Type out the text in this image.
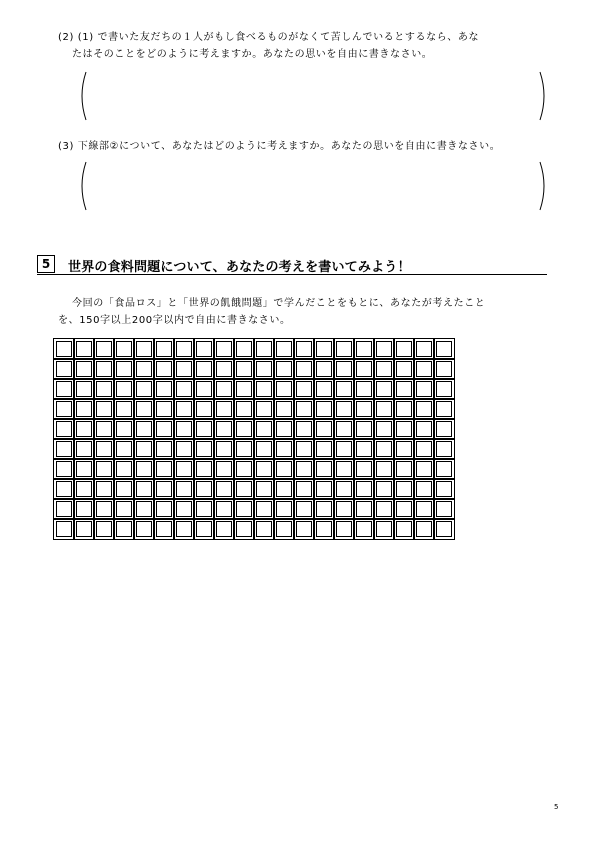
(2) (1) で書いた友だちの１人がもし食べるものがなくて苦しんでいるとするなら、あな
たはそのことをどのように考えますか。あなたの思いを自由に書きなさい。
(3) 下線部②について、あなたはどのように考えますか。あなたの思いを自由に書きなさい。
5	世界の食料問題について、あなたの考えを書いてみよう！
今回の「食品ロス」と「世界の飢餓問題」で学んだことをもとに、あなたが考えたこと
を、150字以上200字以内で自由に書きなさい。

5
